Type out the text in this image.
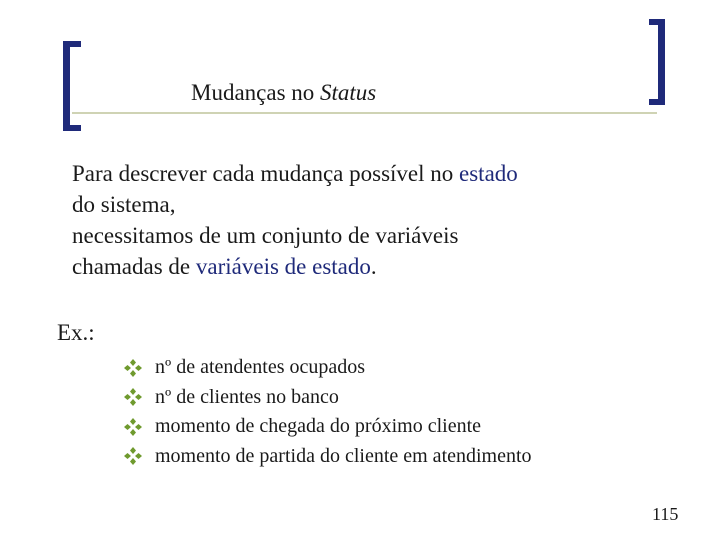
Mudanças no Status
Para descrever cada mudança possível no estado
do sistema,
necessitamos de um conjunto de variáveis
chamadas de variáveis de estado.
Ex.:
nº de atendentes ocupados
nº de clientes no banco
momento de chegada do próximo cliente
momento de partida do cliente em atendimento
115
